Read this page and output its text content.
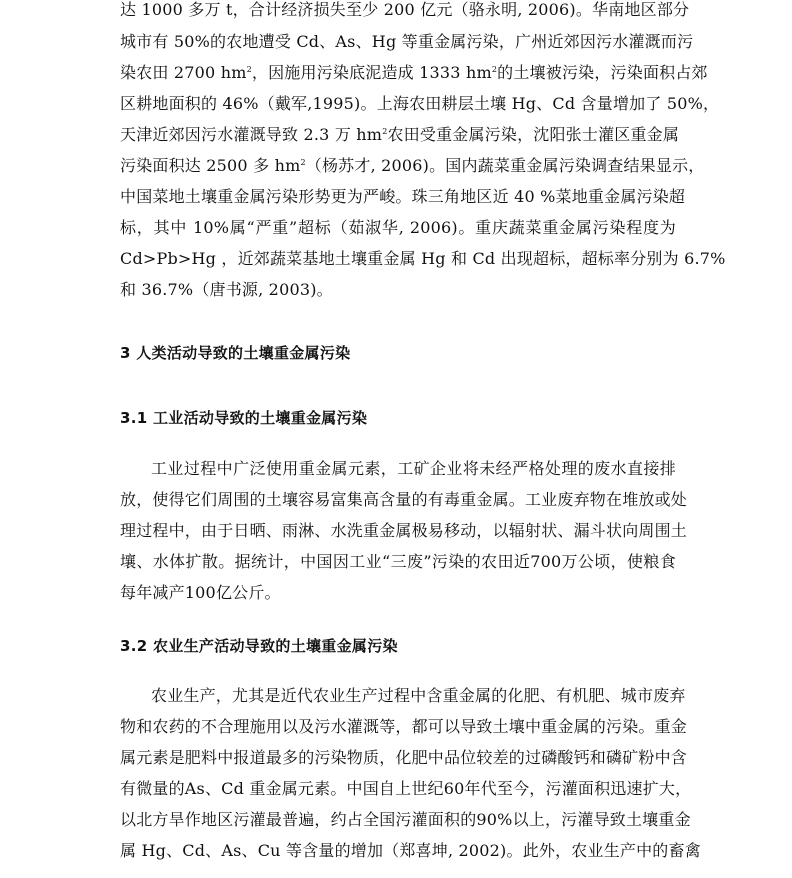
达 1000 多万 t，合计经济损失至少 200 亿元（骆永明, 2006)。华南地区部分
城市有 50%的农地遭受 Cd、As、Hg 等重金属污染，广州近郊因污水灌溉而污
染农田 2700 $hm^2$，因施用污染底泥造成 1333 $hm^2$的土壤被污染，污染面积占郊
区耕地面积的 46%（戴军,1995)。上海农田耕层土壤 Hg、Cd 含量增加了 50%，
天津近郊因污水灌溉导致 2.3 万 $hm^2$农田受重金属污染，沈阳张士灌区重金属
污染面积达 2500 多 $hm^2$（杨苏才, 2006)。国内蔬菜重金属污染调查结果显示，
中国菜地土壤重金属污染形势更为严峻。珠三角地区近 40 %菜地重金属污染超
标，其中 10%属“严重”超标（茹淑华, 2006)。重庆蔬菜重金属污染程度为
Cd>Pb>Hg ，近郊蔬菜基地土壤重金属 Hg 和 Cd 出现超标，超标率分别为 6.7%
和 36.7%（唐书源, 2003)。
3 人类活动导致的土壤重金属污染
3.1 工业活动导致的土壤重金属污染
工业过程中广泛使用重金属元素，工矿企业将未经严格处理的废水直接排
放，使得它们周围的土壤容易富集高含量的有毒重金属。工业废弃物在堆放或处
理过程中，由于日晒、雨淋、水洗重金属极易移动，以辐射状、漏斗状向周围土
壤、水体扩散。据统计，中国因工业“三废”污染的农田近700万公顷，使粮食
每年减产100亿公斤。
3.2 农业生产活动导致的土壤重金属污染
农业生产，尤其是近代农业生产过程中含重金属的化肥、有机肥、城市废弃
物和农药的不合理施用以及污水灌溉等，都可以导致土壤中重金属的污染。重金
属元素是肥料中报道最多的污染物质，化肥中品位较差的过磷酸钙和磷矿粉中含
有微量的As、Cd 重金属元素。中国自上世纪60年代至今，污灌面积迅速扩大，
以北方旱作地区污灌最普遍，约占全国污灌面积的90%以上，污灌导致土壤重金
属 Hg、Cd、As、Cu 等含量的增加（郑喜坤, 2002)。此外，农业生产中的畜禽
